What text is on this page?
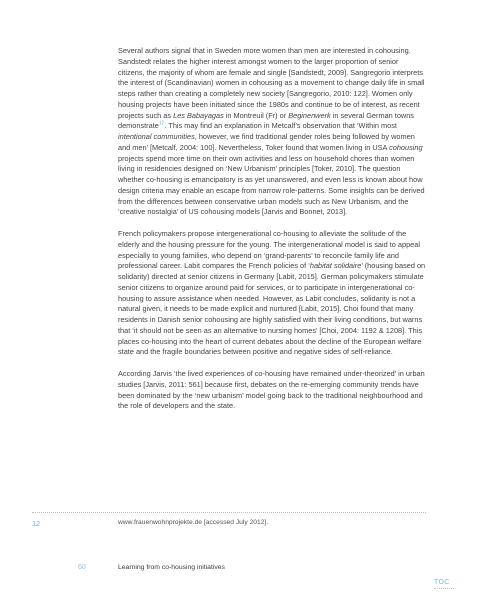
Several authors signal that in Sweden more women than men are interested in cohousing. Sandstedt relates the higher interest amongst women to the larger proportion of senior citizens, the majority of whom are female and single [Sandstedt, 2009]. Sangregorio interprets the interest of (Scandinavian) women in cohousing as a movement to change daily life in small steps rather than creating a completely new society [Sangregorio, 2010: 122]. Women only housing projects have been initiated since the 1980s and continue to be of interest, as recent projects such as Les Babayagas in Montreuil (Fr) or Beginenwerk in several German towns demonstrate$^{12}$. This may find an explanation in Metcalf’s observation that ‘Within most intentional communities, however, we find traditional gender roles being followed by women and men’ [Metcalf, 2004: 100]. Nevertheless, Toker found that women living in USA cohousing projects spend more time on their own activities and less on household chores than women living in residencies designed on ‘New Urbanism’ principles [Toker, 2010]. The question whether co-housing is emancipatory is as yet unanswered, and even less is known about how design criteria may enable an escape from narrow role-patterns. Some insights can be derived from the differences between conservative urban models such as New Urbanism, and the ‘creative nostalgia’ of US cohousing models [Jarvis and Bonnet, 2013].

French policymakers propose intergenerational co-housing to alleviate the solitude of the elderly and the housing pressure for the young. The intergenerational model is said to appeal especially to young families, who depend on ‘grand-parents’ to reconcile family life and professional career. Labit compares the French policies of ‘habitat solidaire’ (housing based on solidarity) directed at senior citizens in Germany [Labit, 2015]. German policymakers stimulate senior citizens to organize around paid for services, or to participate in intergenerational co-housing to assure assistance when needed. However, as Labit concludes, solidarity is not a natural given, it needs to be made explicit and nurtured [Labit, 2015]. Choi found that many residents in Danish senior cohousing are highly satisfied with their living conditions, but warns that ‘it should not be seen as an alternative to nursing homes’ [Choi, 2004: 1192 & 1208]. This places co-housing into the heart of current debates about the decline of the European welfare state and the fragile boundaries between positive and negative sides of self-reliance.

According Jarvis ‘the lived experiences of co-housing have remained under-theorized’ in urban studies [Jarvis, 2011: 561] because first, debates on the re-emerging community trends have been dominated by the ‘new urbanism’ model going back to the traditional neighbourhood and the role of developers and the state.

12	www.frauenwohnprojekte.de [accessed July 2012].
60	Learning from co-housing initiatives
TOC
